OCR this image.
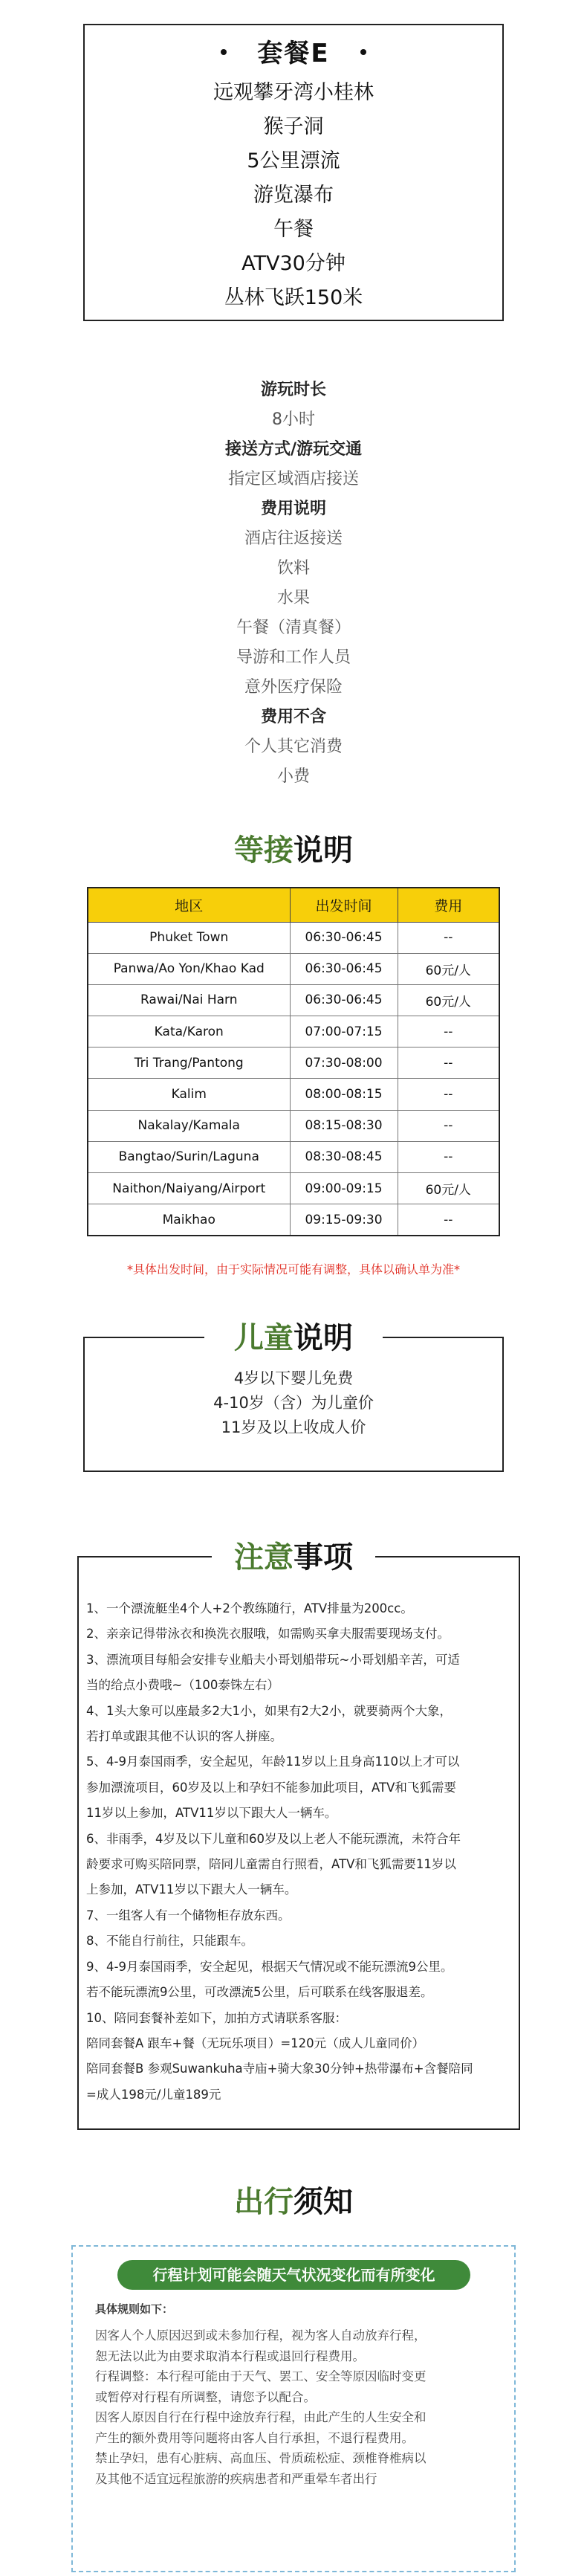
套餐E
远观攀牙湾小桂林
猴子洞
5公里漂流
游览瀑布
午餐
ATV30分钟
丛林飞跃150米
游玩时长
8小时
接送方式/游玩交通
指定区域酒店接送
费用说明
酒店往返接送
饮料
水果
午餐（清真餐）
导游和工作人员
意外医疗保险
费用不含
个人其它消费
小费
等接说明
地区	出发时间	费用
Phuket Town	06:30-06:45	--
Panwa/Ao Yon/Khao Kad	06:30-06:45	60元/人
Rawai/Nai Harn	06:30-06:45	60元/人
Kata/Karon	07:00-07:15	--
Tri Trang/Pantong	07:30-08:00	--
Kalim	08:00-08:15	--
Nakalay/Kamala	08:15-08:30	--
Bangtao/Surin/Laguna	08:30-08:45	--
Naithon/Naiyang/Airport	09:00-09:15	60元/人
Maikhao	09:15-09:30	--
*具体出发时间，由于实际情况可能有调整，具体以确认单为准*
儿童说明
4岁以下婴儿免费
4-10岁（含）为儿童价
11岁及以上收成人价
注意事项
1、一个漂流艇坐4个人+2个教练随行，ATV排量为200cc。
2、亲亲记得带泳衣和换洗衣服哦，如需购买拿夫服需要现场支付。
3、漂流项目每船会安排专业船夫小哥划船带玩~小哥划船辛苦，可适
当的给点小费哦~（100泰铢左右）
4、1头大象可以座最多2大1小，如果有2大2小，就要骑两个大象，
若打单或跟其他不认识的客人拼座。
5、4-9月泰国雨季，安全起见，年龄11岁以上且身高110以上才可以
参加漂流项目，60岁及以上和孕妇不能参加此项目，ATV和飞狐需要
11岁以上参加，ATV11岁以下跟大人一辆车。
6、非雨季，4岁及以下儿童和60岁及以上老人不能玩漂流，未符合年
龄要求可购买陪同票，陪同儿童需自行照看，ATV和飞狐需要11岁以
上参加，ATV11岁以下跟大人一辆车。
7、一组客人有一个储物柜存放东西。
8、不能自行前往，只能跟车。
9、4-9月泰国雨季，安全起见，根据天气情况或不能玩漂流9公里。
若不能玩漂流9公里，可改漂流5公里，后可联系在线客服退差。
10、陪同套餐补差如下，加拍方式请联系客服：
陪同套餐A 跟车+餐（无玩乐项目）=120元（成人儿童同价）
陪同套餐B 参观Suwankuha寺庙+骑大象30分钟+热带瀑布+含餐陪同
=成人198元/儿童189元
出行须知
行程计划可能会随天气状况变化而有所变化
具体规则如下：
因客人个人原因迟到或未参加行程，视为客人自动放弃行程，
恕无法以此为由要求取消本行程或退回行程费用。
行程调整：本行程可能由于天气、罢工、安全等原因临时变更
或暂停对行程有所调整，请您予以配合。
因客人原因自行在行程中途放弃行程，由此产生的人生安全和
产生的额外费用等问题将由客人自行承担，不退行程费用。
禁止孕妇，患有心脏病、高血压、骨质疏松症、颈椎脊椎病以
及其他不适宜远程旅游的疾病患者和严重晕车者出行
